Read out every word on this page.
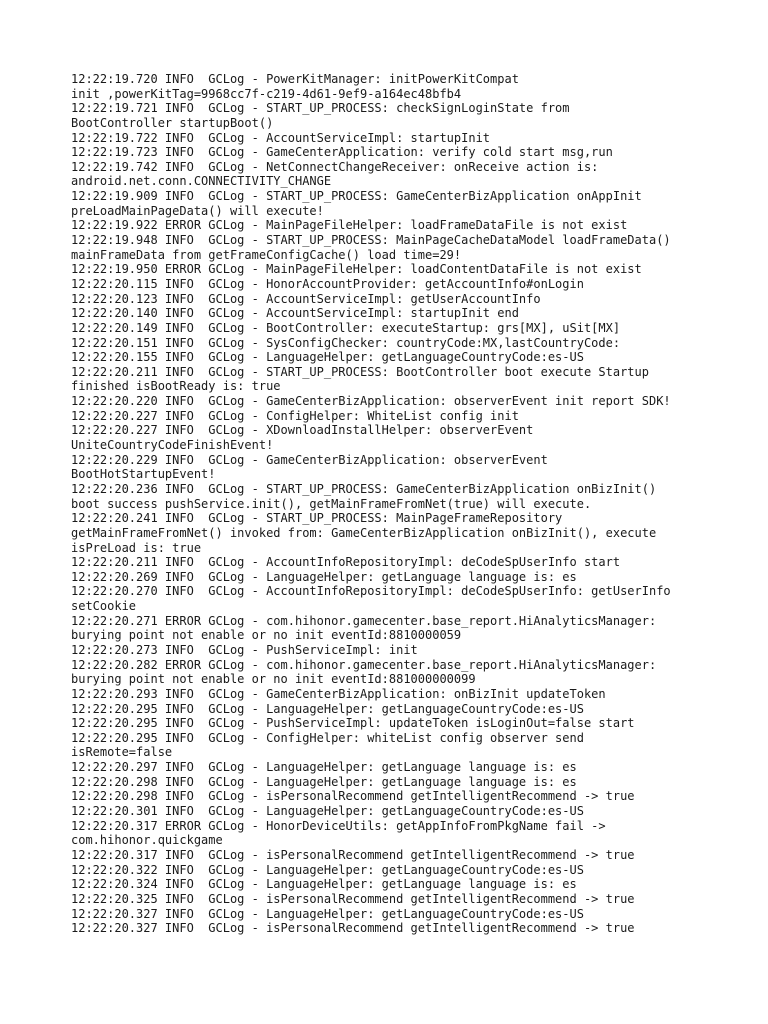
12:22:19.720 INFO  GCLog - PowerKitManager: initPowerKitCompat
init ,powerKitTag=9968cc7f-c219-4d61-9ef9-a164ec48bfb4
12:22:19.721 INFO  GCLog - START_UP_PROCESS: checkSignLoginState from
BootController startupBoot()
12:22:19.722 INFO  GCLog - AccountServiceImpl: startupInit
12:22:19.723 INFO  GCLog - GameCenterApplication: verify cold start msg,run
12:22:19.742 INFO  GCLog - NetConnectChangeReceiver: onReceive action is:
android.net.conn.CONNECTIVITY_CHANGE
12:22:19.909 INFO  GCLog - START_UP_PROCESS: GameCenterBizApplication onAppInit
preLoadMainPageData() will execute!
12:22:19.922 ERROR GCLog - MainPageFileHelper: loadFrameDataFile is not exist
12:22:19.948 INFO  GCLog - START_UP_PROCESS: MainPageCacheDataModel loadFrameData()
mainFrameData from getFrameConfigCache() load time=29!
12:22:19.950 ERROR GCLog - MainPageFileHelper: loadContentDataFile is not exist
12:22:20.115 INFO  GCLog - HonorAccountProvider: getAccountInfo#onLogin
12:22:20.123 INFO  GCLog - AccountServiceImpl: getUserAccountInfo
12:22:20.140 INFO  GCLog - AccountServiceImpl: startupInit end
12:22:20.149 INFO  GCLog - BootController: executeStartup: grs[MX], uSit[MX]
12:22:20.151 INFO  GCLog - SysConfigChecker: countryCode:MX,lastCountryCode:
12:22:20.155 INFO  GCLog - LanguageHelper: getLanguageCountryCode:es-US
12:22:20.211 INFO  GCLog - START_UP_PROCESS: BootController boot execute Startup
finished isBootReady is: true
12:22:20.220 INFO  GCLog - GameCenterBizApplication: observerEvent init report SDK!
12:22:20.227 INFO  GCLog - ConfigHelper: WhiteList config init
12:22:20.227 INFO  GCLog - XDownloadInstallHelper: observerEvent
UniteCountryCodeFinishEvent!
12:22:20.229 INFO  GCLog - GameCenterBizApplication: observerEvent
BootHotStartupEvent!
12:22:20.236 INFO  GCLog - START_UP_PROCESS: GameCenterBizApplication onBizInit()
boot success pushService.init(), getMainFrameFromNet(true) will execute.
12:22:20.241 INFO  GCLog - START_UP_PROCESS: MainPageFrameRepository
getMainFrameFromNet() invoked from: GameCenterBizApplication onBizInit(), execute
isPreLoad is: true
12:22:20.211 INFO  GCLog - AccountInfoRepositoryImpl: deCodeSpUserInfo start
12:22:20.269 INFO  GCLog - LanguageHelper: getLanguage language is: es
12:22:20.270 INFO  GCLog - AccountInfoRepositoryImpl: deCodeSpUserInfo: getUserInfo
setCookie
12:22:20.271 ERROR GCLog - com.hihonor.gamecenter.base_report.HiAnalyticsManager:
burying point not enable or no init eventId:8810000059
12:22:20.273 INFO  GCLog - PushServiceImpl: init
12:22:20.282 ERROR GCLog - com.hihonor.gamecenter.base_report.HiAnalyticsManager:
burying point not enable or no init eventId:881000000099
12:22:20.293 INFO  GCLog - GameCenterBizApplication: onBizInit updateToken
12:22:20.295 INFO  GCLog - LanguageHelper: getLanguageCountryCode:es-US
12:22:20.295 INFO  GCLog - PushServiceImpl: updateToken isLoginOut=false start
12:22:20.295 INFO  GCLog - ConfigHelper: whiteList config observer send
isRemote=false
12:22:20.297 INFO  GCLog - LanguageHelper: getLanguage language is: es
12:22:20.298 INFO  GCLog - LanguageHelper: getLanguage language is: es
12:22:20.298 INFO  GCLog - isPersonalRecommend getIntelligentRecommend -> true
12:22:20.301 INFO  GCLog - LanguageHelper: getLanguageCountryCode:es-US
12:22:20.317 ERROR GCLog - HonorDeviceUtils: getAppInfoFromPkgName fail ->
com.hihonor.quickgame
12:22:20.317 INFO  GCLog - isPersonalRecommend getIntelligentRecommend -> true
12:22:20.322 INFO  GCLog - LanguageHelper: getLanguageCountryCode:es-US
12:22:20.324 INFO  GCLog - LanguageHelper: getLanguage language is: es
12:22:20.325 INFO  GCLog - isPersonalRecommend getIntelligentRecommend -> true
12:22:20.327 INFO  GCLog - LanguageHelper: getLanguageCountryCode:es-US
12:22:20.327 INFO  GCLog - isPersonalRecommend getIntelligentRecommend -> true
